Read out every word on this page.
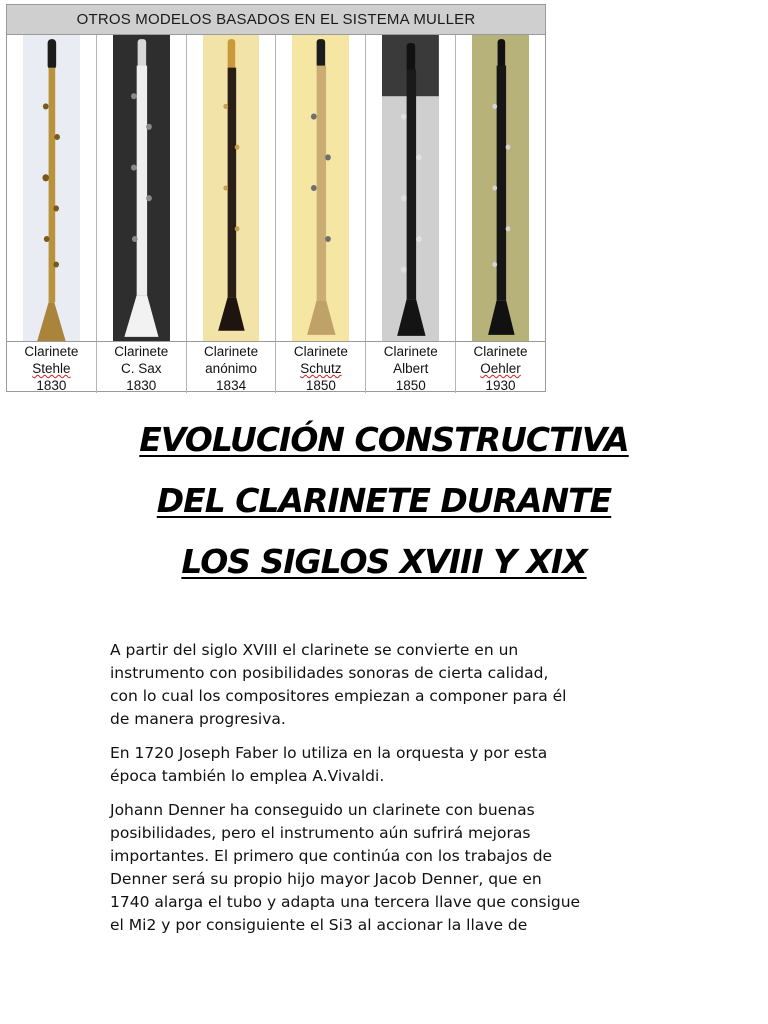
OTROS MODELOS BASADOS EN EL SISTEMA MULLER
Clarinete
Stehle
1830
Clarinete
C. Sax
1830
Clarinete
anónimo
1834
Clarinete
Schutz
1850
Clarinete
Albert
1850
Clarinete
Oehler
1930
EVOLUCIÓN CONSTRUCTIVA
DEL CLARINETE DURANTE
LOS SIGLOS XVIII Y XIX

A partir del siglo XVIII el clarinete se convierte en un
instrumento con posibilidades sonoras de cierta calidad,
con lo cual los compositores empiezan a componer para él
de manera progresiva.

En 1720 Joseph Faber lo utiliza en la orquesta y por esta
época también lo emplea A.Vivaldi.

Johann Denner ha conseguido un clarinete con buenas
posibilidades, pero el instrumento aún sufrirá mejoras
importantes. El primero que continúa con los trabajos de
Denner será su propio hijo mayor Jacob Denner, que en
1740 alarga el tubo y adapta una tercera llave que consigue
el Mi2 y por consiguiente el Si3 al accionar la llave de
